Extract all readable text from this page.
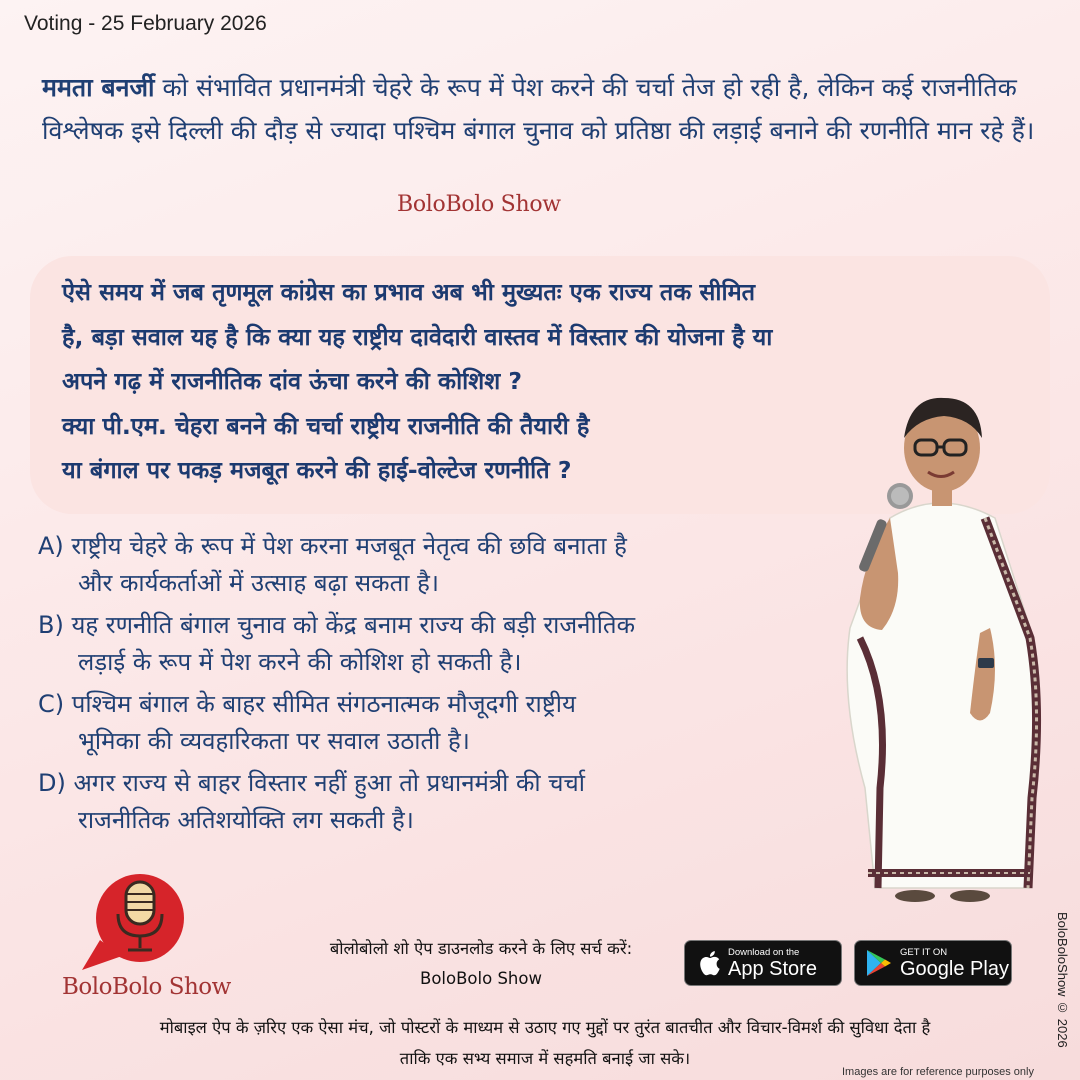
Voting - 25 February 2026
ममता बनर्जी को संभावित प्रधानमंत्री चेहरे के रूप में पेश करने की चर्चा तेज हो रही है, लेकिन कई राजनीतिक विश्लेषक इसे दिल्ली की दौड़ से ज्यादा पश्चिम बंगाल चुनाव को प्रतिष्ठा की लड़ाई बनाने की रणनीति मान रहे हैं।
BoloBolo Show

ऐसे समय में जब तृणमूल कांग्रेस का प्रभाव अब भी मुख्यतः एक राज्य तक सीमित

है, बड़ा सवाल यह है कि क्या यह राष्ट्रीय दावेदारी वास्तव में विस्तार की योजना है या

अपने गढ़ में राजनीतिक दांव ऊंचा करने की कोशिश ?

क्या पी.एम. चेहरा बनने की चर्चा राष्ट्रीय राजनीति की तैयारी है

या बंगाल पर पकड़ मजबूत करने की हाई-वोल्टेज रणनीति ?

A) राष्ट्रीय चेहरे के रूप में पेश करना मजबूत नेतृत्व की छवि बनाता है
और कार्यकर्ताओं में उत्साह बढ़ा सकता है।
B) यह रणनीति बंगाल चुनाव को केंद्र बनाम राज्य की बड़ी राजनीतिक
लड़ाई के रूप में पेश करने की कोशिश हो सकती है।
C) पश्चिम बंगाल के बाहर सीमित संगठनात्मक मौजूदगी राष्ट्रीय
भूमिका की व्यवहारिकता पर सवाल उठाती है।
D) अगर राज्य से बाहर विस्तार नहीं हुआ तो प्रधानमंत्री की चर्चा
राजनीतिक अतिशयोक्ति लग सकती है।
BoloBolo Show
बोलोबोलो शो ऐप डाउनलोड करने के लिए सर्च करें:
BoloBolo Show
Download on the
App Store
GET IT ON
Google Play
मोबाइल ऐप के ज़रिए एक ऐसा मंच, जो पोस्टरों के माध्यम से उठाए गए मुद्दों पर तुरंत बातचीत और विचार-विमर्श की सुविधा देता है
ताकि एक सभ्य समाज में सहमति बनाई जा सके।
BoloBoloShow © 2026
Images are for reference purposes only
